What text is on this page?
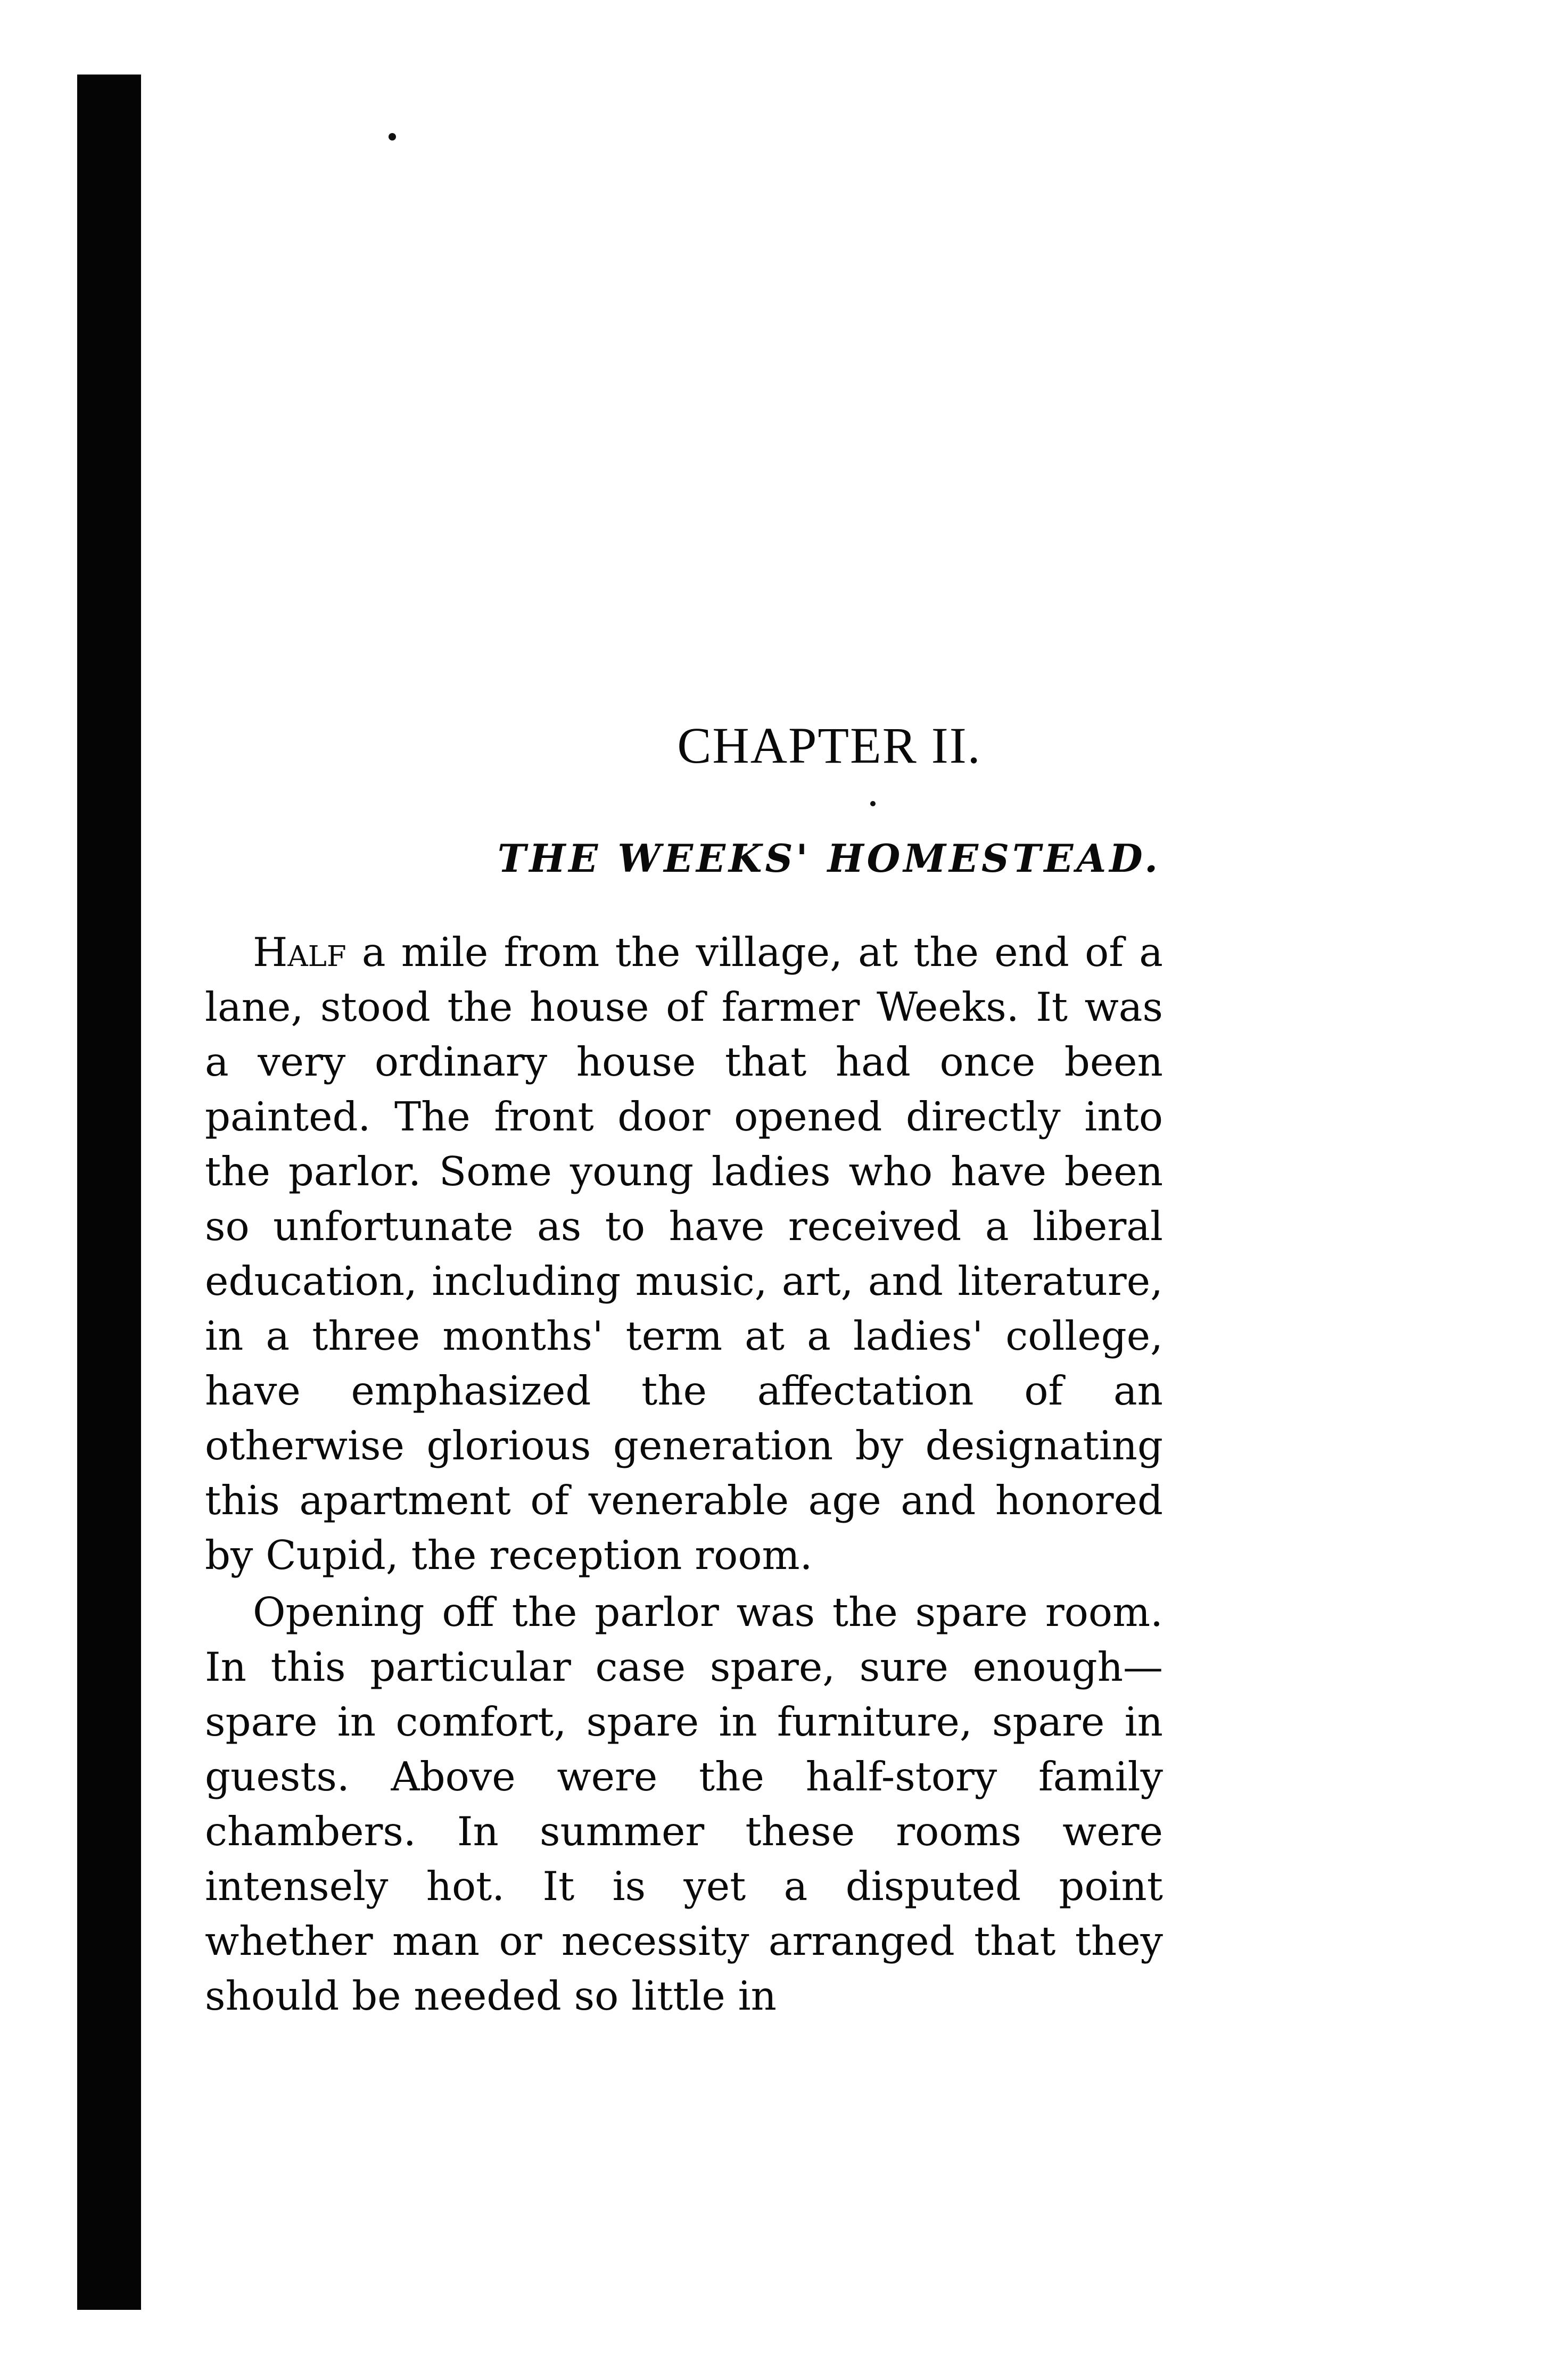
CHAPTER II.
THE WEEKS' HOMESTEAD.

Half a mile from the village, at the end of a lane, stood the house of farmer Weeks. It was a very ordinary house that had once been painted. The front door opened directly into the parlor. Some young ladies who have been so unfortunate as to have received a liberal education, including music, art, and literature, in a three months' term at a ladies' college, have emphasized the affectation of an otherwise glorious generation by designating this apartment of venerable age and honored by Cupid, the reception room.

Opening off the parlor was the spare room. In this particular case spare, sure enough—spare in comfort, spare in furniture, spare in guests. Above were the half-story family chambers. In summer these rooms were intensely hot. It is yet a disputed point whether man or necessity arranged that they should be needed so little in
